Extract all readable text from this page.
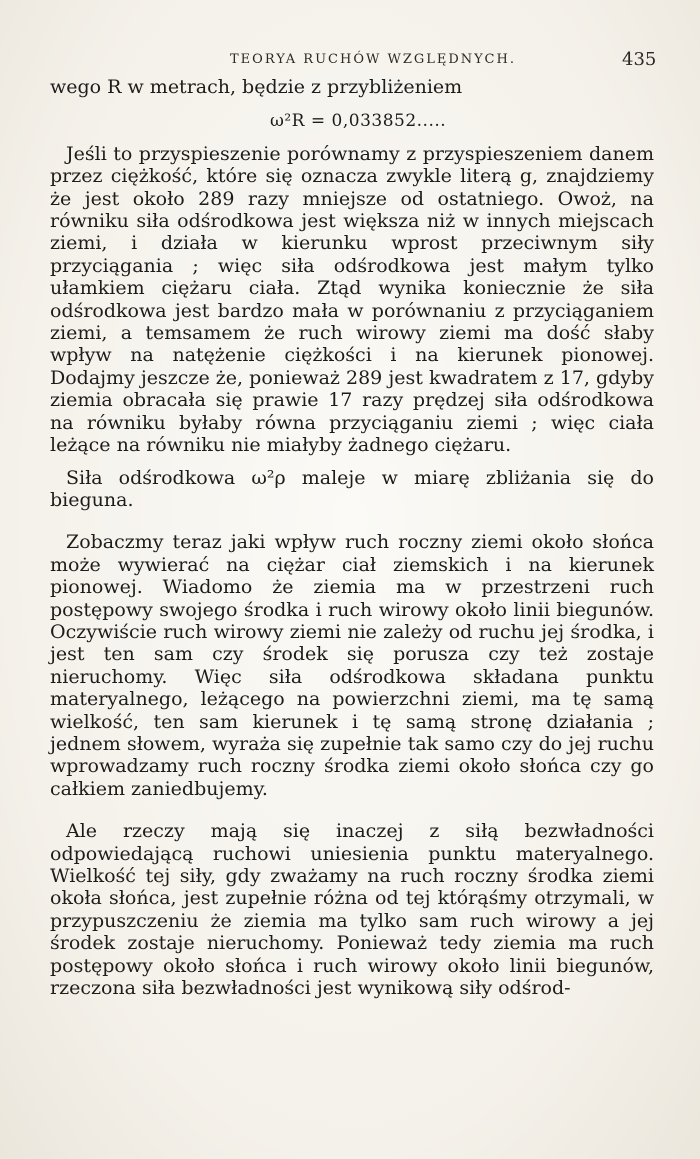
TEORYA RUCHÓW WZGLĘDNYCH.	435

wego R w metrach, będzie z przybliżeniem

ω²R = 0,033852.....

Jeśli to przyspieszenie porównamy z przyspieszeniem danem przez ciężkość, które się oznacza zwykle literą g, znajdziemy że jest około 289 razy mniejsze od ostatniego. Owoż, na równiku siła odśrodkowa jest większa niż w innych miejscach ziemi, i działa w kierunku wprost przeciwnym siły przyciągania ; więc siła odśrodkowa jest małym tylko ułamkiem ciężaru ciała. Ztąd wynika koniecznie że siła odśrodkowa jest bardzo mała w porównaniu z przyciąganiem ziemi, a temsamem że ruch wirowy ziemi ma dość słaby wpływ na natężenie ciężkości i na kierunek pionowej. Dodajmy jeszcze że, ponieważ 289 jest kwadratem z 17, gdyby ziemia obracała się prawie 17 razy prędzej siła odśrodkowa na równiku byłaby równa przyciąganiu ziemi ; więc ciała leżące na równiku nie miałyby żadnego ciężaru.

Siła odśrodkowa ω²ρ maleje w miarę zbliżania się do bieguna.

Zobaczmy teraz jaki wpływ ruch roczny ziemi około słońca może wywierać na ciężar ciał ziemskich i na kierunek pionowej. Wiadomo że ziemia ma w przestrzeni ruch postępowy swojego środka i ruch wirowy około linii biegunów. Oczywiście ruch wirowy ziemi nie zależy od ruchu jej środka, i jest ten sam czy środek się porusza czy też zostaje nieruchomy. Więc siła odśrodkowa składana punktu materyalnego, leżącego na powierzchni ziemi, ma tę samą wielkość, ten sam kierunek i tę samą stronę działania ; jednem słowem, wyraża się zupełnie tak samo czy do jej ruchu wprowadzamy ruch roczny środka ziemi około słońca czy go całkiem zaniedbujemy.

Ale rzeczy mają się inaczej z siłą bezwładności odpowiedającą ruchowi uniesienia punktu materyalnego. Wielkość tej siły, gdy zważamy na ruch roczny środka ziemi okoła słońca, jest zupełnie różna od tej którąśmy otrzymali, w przypuszczeniu że ziemia ma tylko sam ruch wirowy a jej środek zostaje nieruchomy. Ponieważ tedy ziemia ma ruch postępowy około słońca i ruch wirowy około linii biegunów, rzeczona siła bezwładności jest wynikową siły odśrod-
